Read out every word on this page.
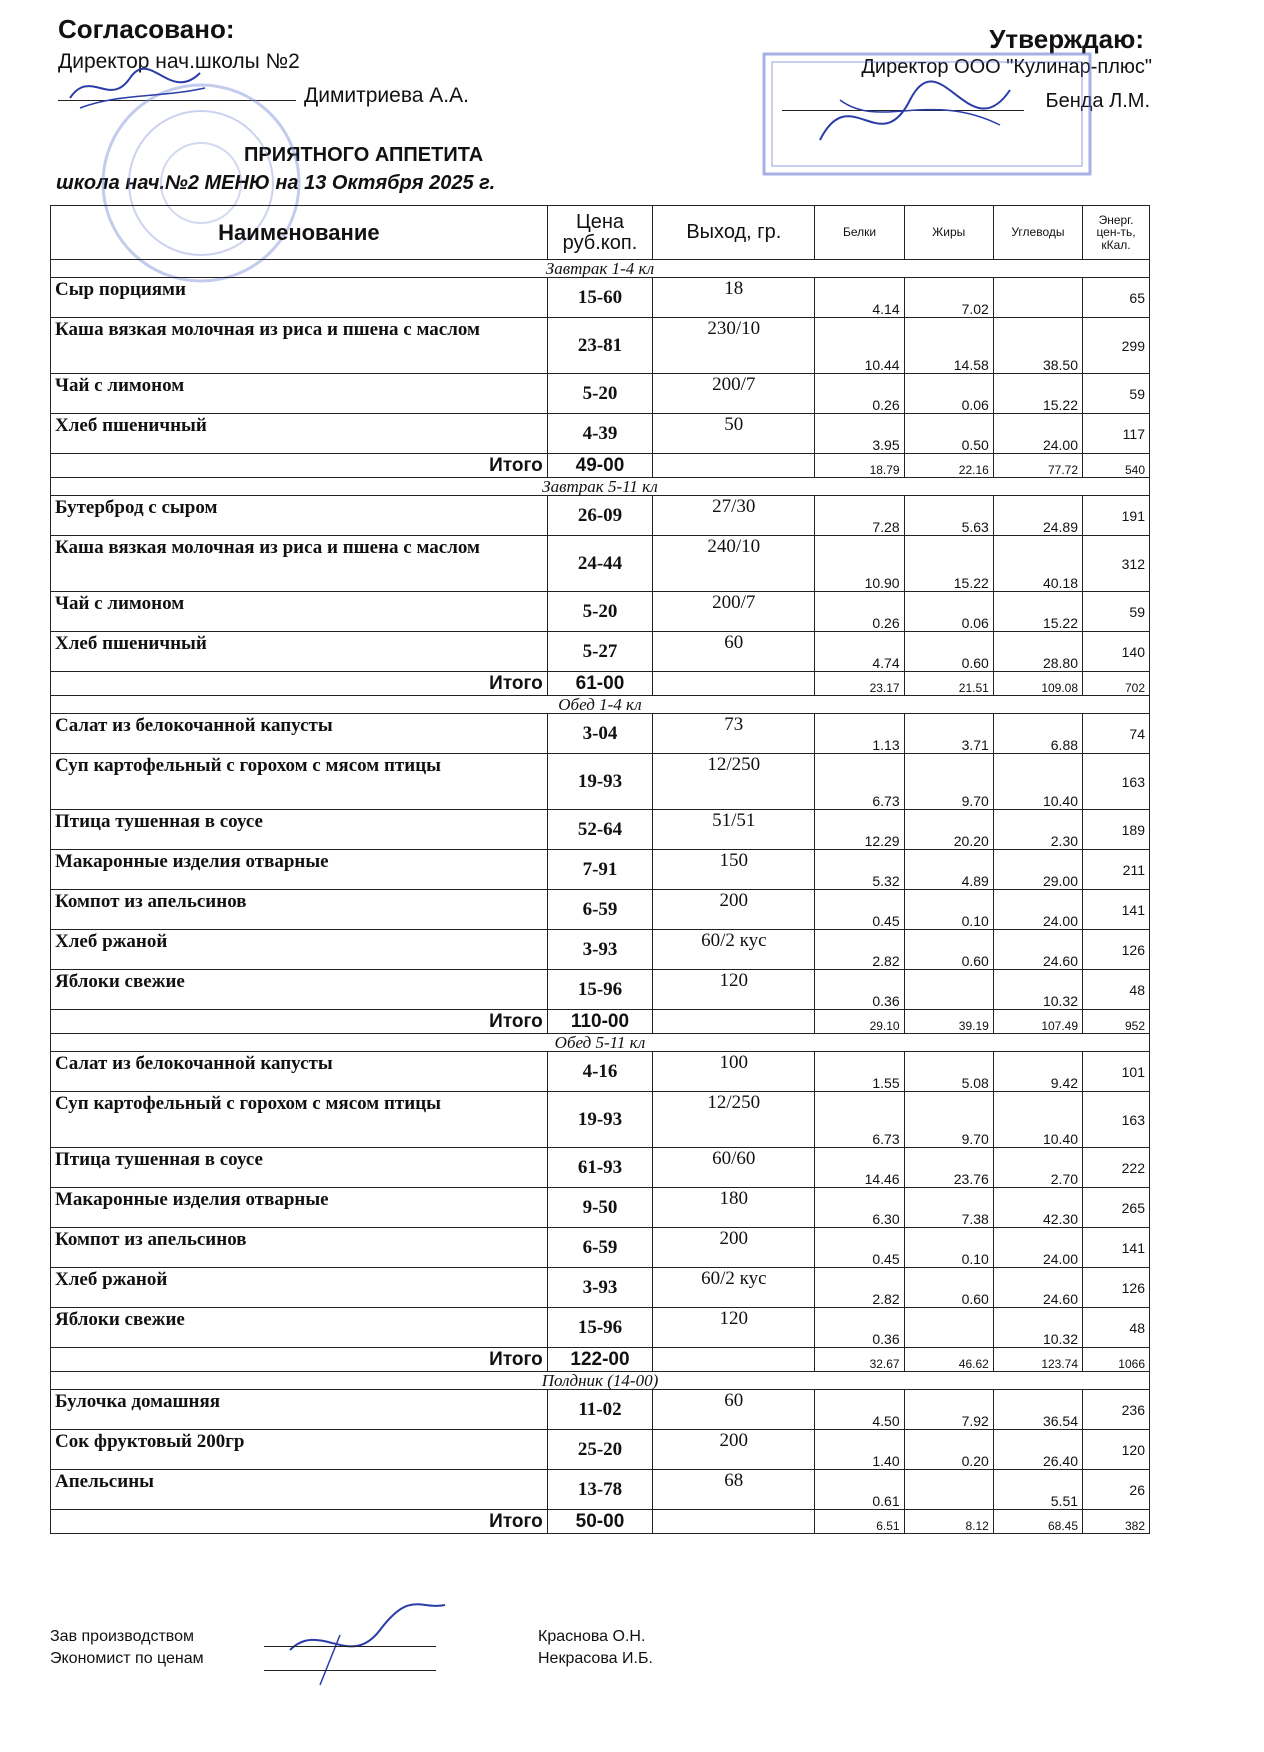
Согласовано:
Директор нач.школы №2
Димитриева А.А.
Утверждаю:
Директор ООО "Кулинар-плюс"
Бенда Л.М.
ПРИЯТНОГО АППЕТИТА
школа нач.№2 МЕНЮ на 13 Октября 2025 г.
Наименование	Цена руб.коп.	Выход, гр.	Белки	Жиры	Углеводы	Энерг. цен-ть, кКал.
Завтрак 1-4 кл						
Сыр порциями	15-60	18	4.14	7.02		65
Каша вязкая молочная из риса и пшена с маслом	23-81	230/10	10.44	14.58	38.50	299
Чай с лимоном	5-20	200/7	0.26	0.06	15.22	59
Хлеб пшеничный	4-39	50	3.95	0.50	24.00	117
Итого	49-00		18.79	22.16	77.72	540
Завтрак 5-11 кл						
Бутерброд с сыром	26-09	27/30	7.28	5.63	24.89	191
Каша вязкая молочная из риса и пшена с маслом	24-44	240/10	10.90	15.22	40.18	312
Чай с лимоном	5-20	200/7	0.26	0.06	15.22	59
Хлеб пшеничный	5-27	60	4.74	0.60	28.80	140
Итого	61-00		23.17	21.51	109.08	702
Обед 1-4 кл						
Салат из белокочанной капусты	3-04	73	1.13	3.71	6.88	74
Суп картофельный с горохом с мясом птицы	19-93	12/250	6.73	9.70	10.40	163
Птица тушенная в соусе	52-64	51/51	12.29	20.20	2.30	189
Макаронные изделия отварные	7-91	150	5.32	4.89	29.00	211
Компот из апельсинов	6-59	200	0.45	0.10	24.00	141
Хлеб ржаной	3-93	60/2 кус	2.82	0.60	24.60	126
Яблоки свежие	15-96	120	0.36		10.32	48
Итого	110-00		29.10	39.19	107.49	952
Обед 5-11 кл						
Салат из белокочанной капусты	4-16	100	1.55	5.08	9.42	101
Суп картофельный с горохом с мясом птицы	19-93	12/250	6.73	9.70	10.40	163
Птица тушенная в соусе	61-93	60/60	14.46	23.76	2.70	222
Макаронные изделия отварные	9-50	180	6.30	7.38	42.30	265
Компот из апельсинов	6-59	200	0.45	0.10	24.00	141
Хлеб ржаной	3-93	60/2 кус	2.82	0.60	24.60	126
Яблоки свежие	15-96	120	0.36		10.32	48
Итого	122-00		32.67	46.62	123.74	1066
Полдник (14-00)						
Булочка домашняя	11-02	60	4.50	7.92	36.54	236
Сок фруктовый 200гр	25-20	200	1.40	0.20	26.40	120
Апельсины	13-78	68	0.61		5.51	26
Итого	50-00		6.51	8.12	68.45	382
Зав производством
Экономист по ценам
Краснова О.Н.
Некрасова И.Б.
